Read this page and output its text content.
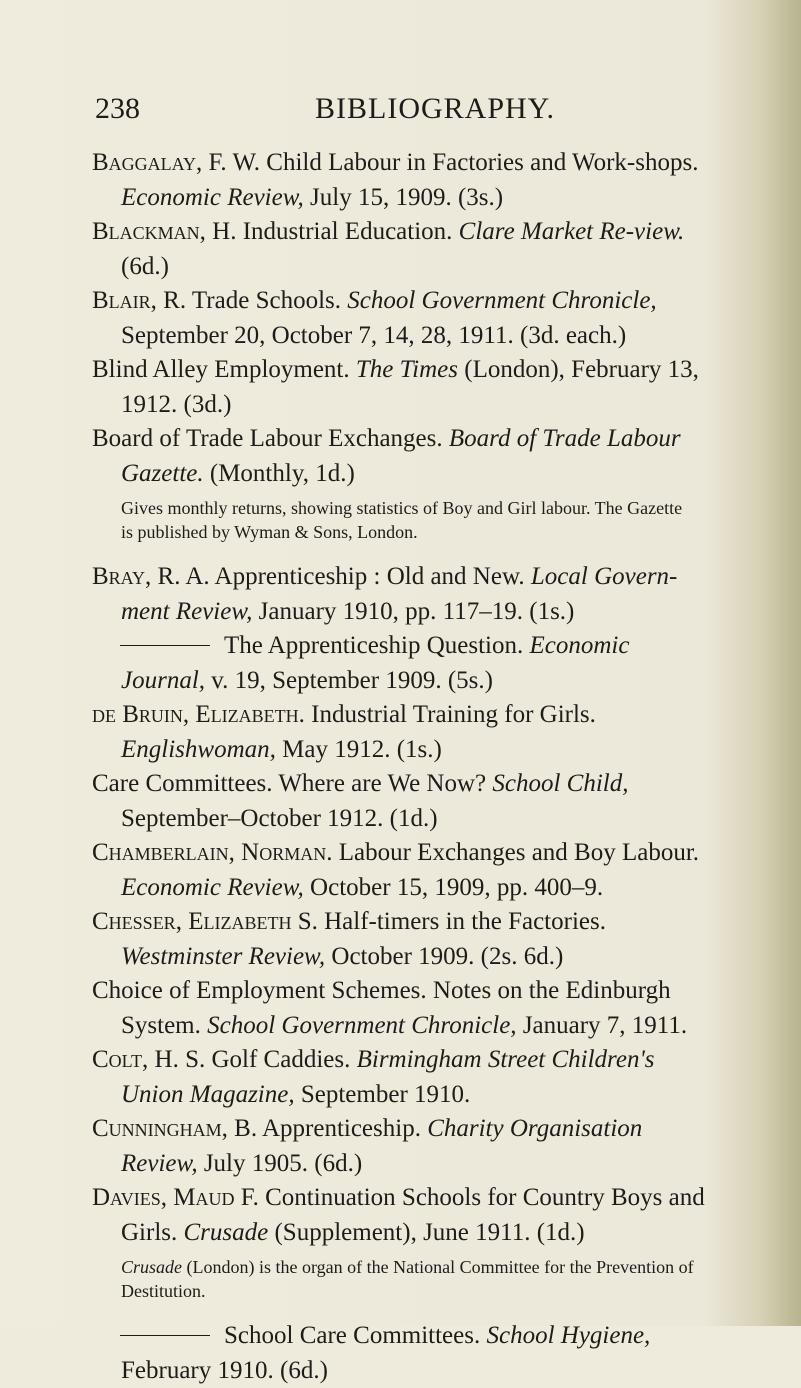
238	BIBLIOGRAPHY.

Baggalay, F. W. Child Labour in Factories and Work-shops. Economic Review, July 15, 1909. (3s.)

Blackman, H. Industrial Education. Clare Market Re-view. (6d.)

Blair, R. Trade Schools. School Government Chronicle, September 20, October 7, 14, 28, 1911. (3d. each.)

Blind Alley Employment. The Times (London), February 13, 1912. (3d.)

Board of Trade Labour Exchanges. Board of Trade Labour Gazette. (Monthly, 1d.)

Gives monthly returns, showing statistics of Boy and Girl labour. The Gazette is published by Wyman & Sons, London.

Bray, R. A. Apprenticeship : Old and New. Local Govern-ment Review, January 1910, pp. 117–19. (1s.)

The Apprenticeship Question. Economic Journal, v. 19, September 1909. (5s.)

de Bruin, Elizabeth. Industrial Training for Girls. Englishwoman, May 1912. (1s.)

Care Committees. Where are We Now? School Child, September–October 1912. (1d.)

Chamberlain, Norman. Labour Exchanges and Boy Labour. Economic Review, October 15, 1909, pp. 400–9.

Chesser, Elizabeth S. Half-timers in the Factories. Westminster Review, October 1909. (2s. 6d.)

Choice of Employment Schemes. Notes on the Edinburgh System. School Government Chronicle, January 7, 1911.

Colt, H. S. Golf Caddies. Birmingham Street Children's Union Magazine, September 1910.

Cunningham, B. Apprenticeship. Charity Organisation Review, July 1905. (6d.)

Davies, Maud F. Continuation Schools for Country Boys and Girls. Crusade (Supplement), June 1911. (1d.)

Crusade (London) is the organ of the National Committee for the Prevention of Destitution.

School Care Committees. School Hygiene, February 1910. (6d.)
